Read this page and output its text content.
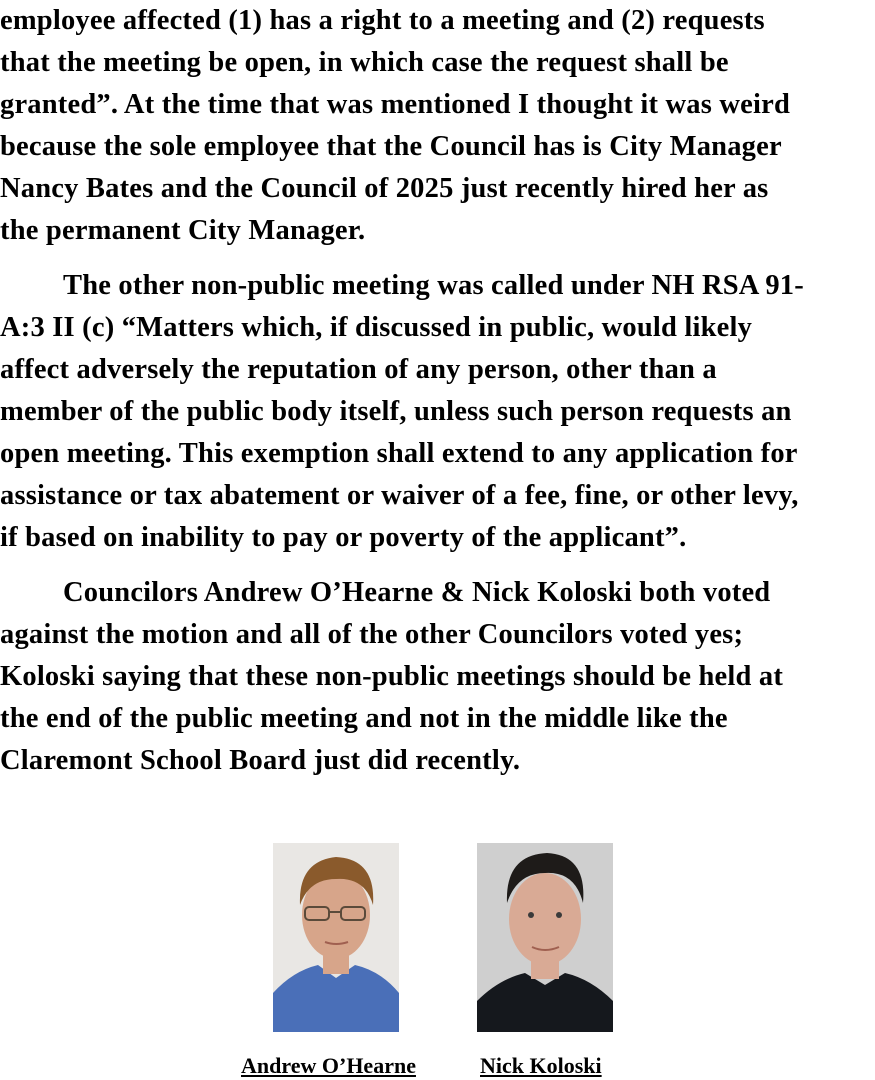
employee affected (1) has a right to a meeting and (2) requests
that the meeting be open, in which case the request shall be
granted”. At the time that was mentioned I thought it was weird
because the sole employee that the Council has is City Manager
Nancy Bates and the Council of 2025 just recently hired her as
the permanent City Manager.

The other non-public meeting was called under NH RSA 91-
A:3 II (c) “Matters which, if discussed in public, would likely
affect adversely the reputation of any person, other than a
member of the public body itself, unless such person requests an
open meeting. This exemption shall extend to any application for
assistance or tax abatement or waiver of a fee, fine, or other levy,
if based on inability to pay or poverty of the applicant”.

Councilors Andrew O’Hearne & Nick Koloski both voted
against the motion and all of the other Councilors voted yes;
Koloski saying that these non-public meetings should be held at
the end of the public meeting and not in the middle like the
Claremont School Board just did recently.

Andrew O’Hearne	Nick Koloski
